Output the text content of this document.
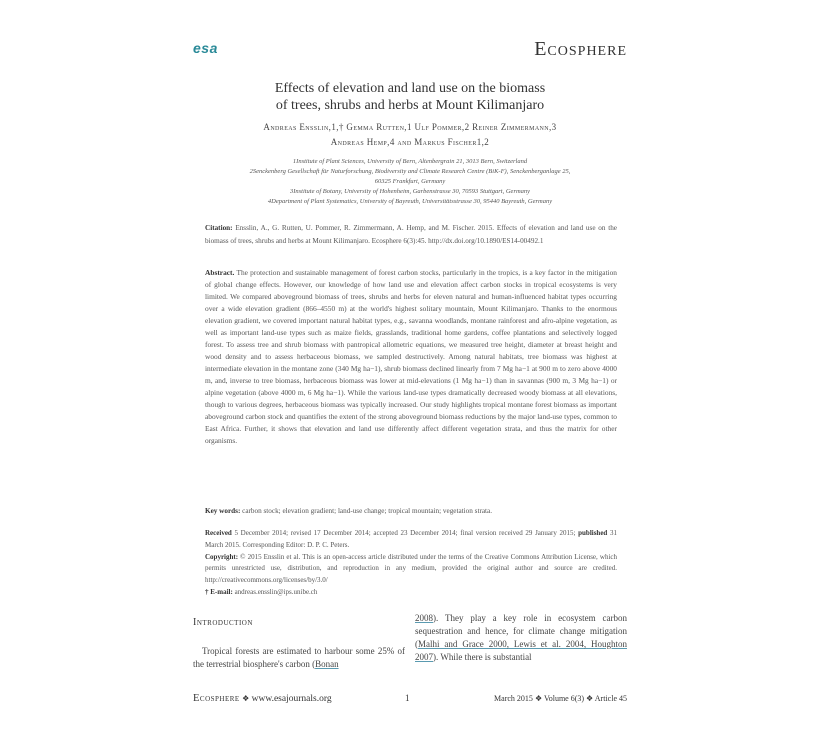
esa	Ecosphere
Effects of elevation and land use on the biomass
of trees, shrubs and herbs at Mount Kilimanjaro
Andreas Ensslin,1,† Gemma Rutten,1 Ulf Pommer,2 Reiner Zimmermann,3
Andreas Hemp,4 and Markus Fischer1,2
1Institute of Plant Sciences, University of Bern, Altenbergrain 21, 3013 Bern, Switzerland
2Senckenberg Gesellschaft für Naturforschung, Biodiversity and Climate Research Centre (BiK-F), Senckenberganlage 25,
60325 Frankfurt, Germany
3Institute of Botany, University of Hohenheim, Garbenstrasse 30, 70593 Stuttgart, Germany
4Department of Plant Systematics, University of Bayreuth, Universitätsstrasse 30, 95440 Bayreuth, Germany
Citation: Ensslin, A., G. Rutten, U. Pommer, R. Zimmermann, A. Hemp, and M. Fischer. 2015. Effects of elevation and land use on the biomass of trees, shrubs and herbs at Mount Kilimanjaro. Ecosphere 6(3):45. http://dx.doi.org/10.1890/ES14-00492.1
Abstract. The protection and sustainable management of forest carbon stocks, particularly in the tropics, is a key factor in the mitigation of global change effects. However, our knowledge of how land use and elevation affect carbon stocks in tropical ecosystems is very limited. We compared aboveground biomass of trees, shrubs and herbs for eleven natural and human-influenced habitat types occurring over a wide elevation gradient (866–4550 m) at the world's highest solitary mountain, Mount Kilimanjaro. Thanks to the enormous elevation gradient, we covered important natural habitat types, e.g., savanna woodlands, montane rainforest and afro-alpine vegetation, as well as important land-use types such as maize fields, grasslands, traditional home gardens, coffee plantations and selectively logged forest. To assess tree and shrub biomass with pantropical allometric equations, we measured tree height, diameter at breast height and wood density and to assess herbaceous biomass, we sampled destructively. Among natural habitats, tree biomass was highest at intermediate elevation in the montane zone (340 Mg ha−1), shrub biomass declined linearly from 7 Mg ha−1 at 900 m to zero above 4000 m, and, inverse to tree biomass, herbaceous biomass was lower at mid-elevations (1 Mg ha−1) than in savannas (900 m, 3 Mg ha−1) or alpine vegetation (above 4000 m, 6 Mg ha−1). While the various land-use types dramatically decreased woody biomass at all elevations, though to various degrees, herbaceous biomass was typically increased. Our study highlights tropical montane forest biomass as important aboveground carbon stock and quantifies the extent of the strong aboveground biomass reductions by the major land-use types, common to East Africa. Further, it shows that elevation and land use differently affect different vegetation strata, and thus the matrix for other organisms.
Key words: carbon stock; elevation gradient; land-use change; tropical mountain; vegetation strata.
Received 5 December 2014; revised 17 December 2014; accepted 23 December 2014; final version received 29 January 2015; published 31 March 2015. Corresponding Editor: D. P. C. Peters.
Copyright: © 2015 Ensslin et al. This is an open-access article distributed under the terms of the Creative Commons Attribution License, which permits unrestricted use, distribution, and reproduction in any medium, provided the original author and source are credited. http://creativecommons.org/licenses/by/3.0/
† E-mail: andreas.ensslin@ips.unibe.ch
Introduction
 Tropical forests are estimated to harbour some 25% of the terrestrial biosphere's carbon (Bonan
2008). They play a key role in ecosystem carbon sequestration and hence, for climate change mitigation (Malhi and Grace 2000, Lewis et al. 2004, Houghton 2007). While there is substantial
Ecosphere ❖ www.esajournals.org	1	March 2015 ❖ Volume 6(3) ❖ Article 45
